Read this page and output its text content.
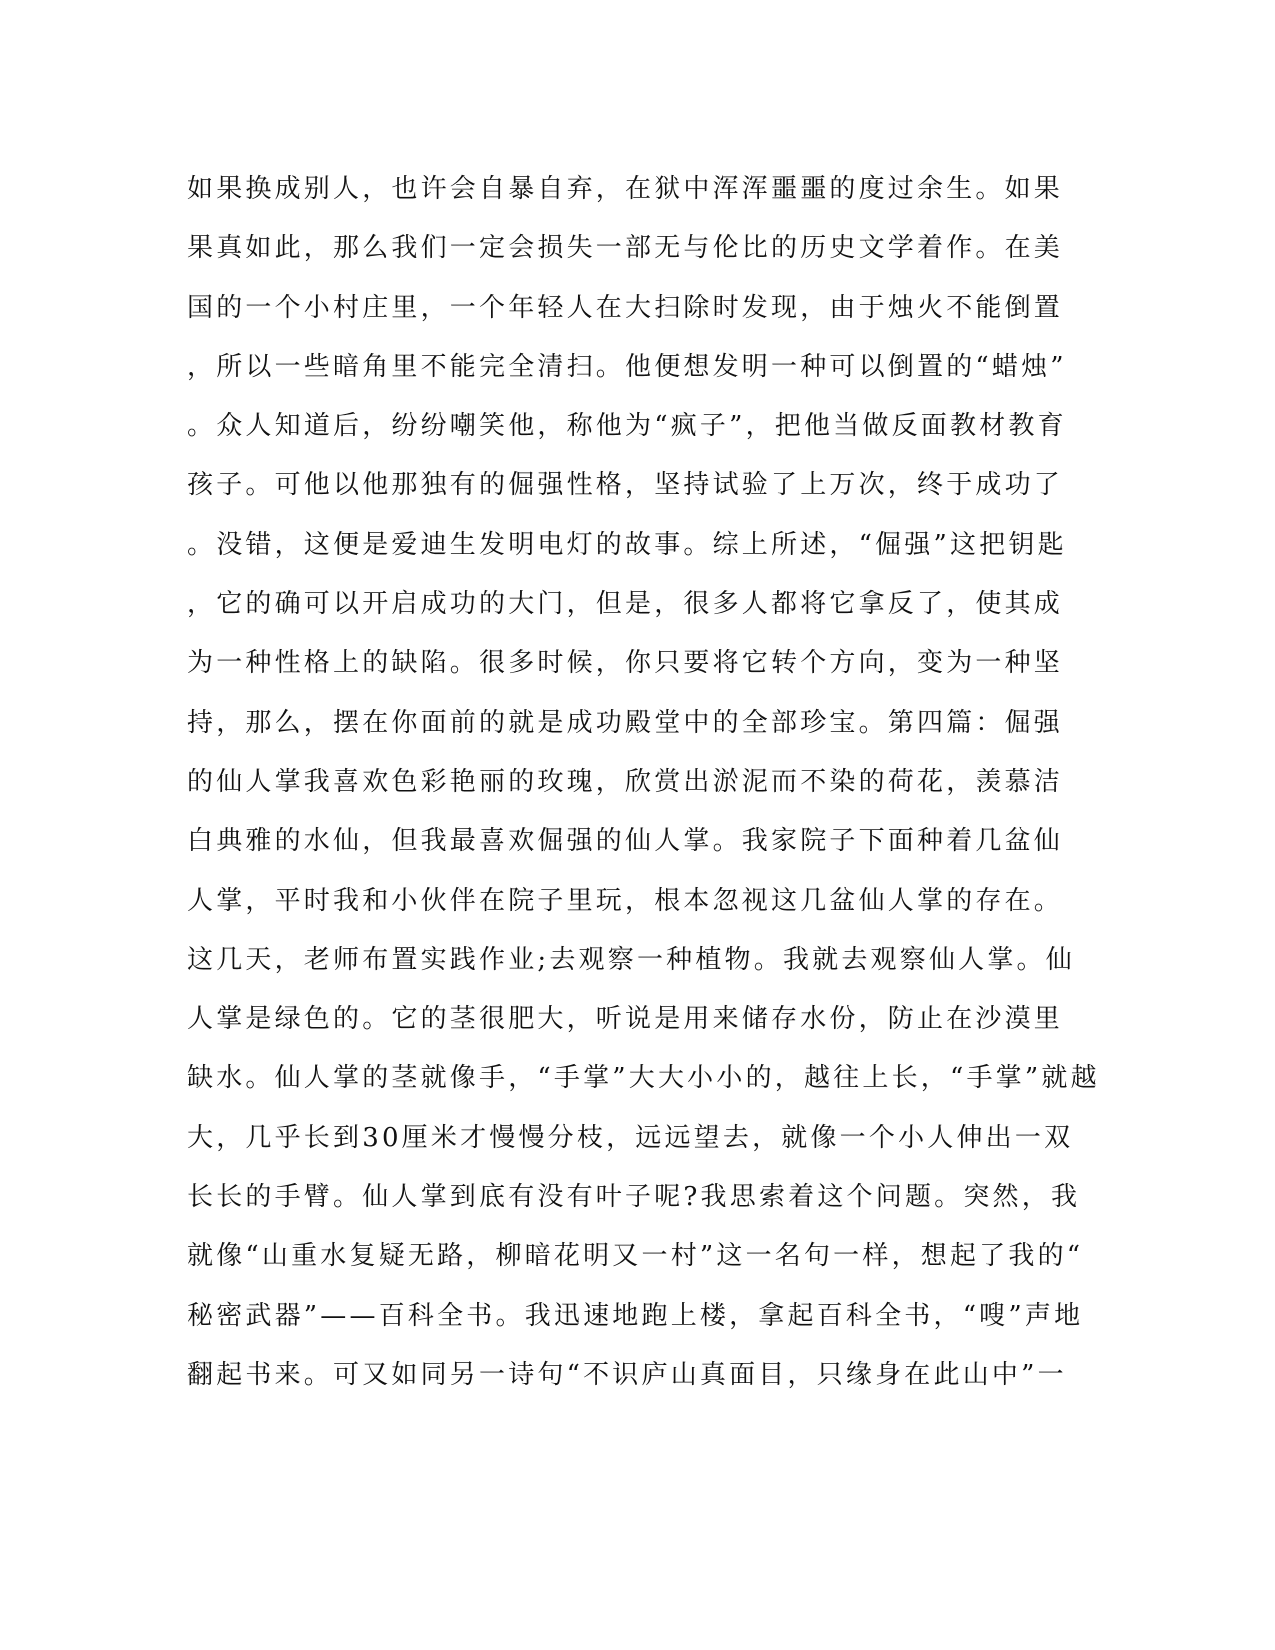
如果换成别人，也许会自暴自弃，在狱中浑浑噩噩的度过余生。如果
果真如此，那么我们一定会损失一部无与伦比的历史文学着作。在美
国的一个小村庄里，一个年轻人在大扫除时发现，由于烛火不能倒置
，所以一些暗角里不能完全清扫。他便想发明一种可以倒置的“蜡烛”
。众人知道后，纷纷嘲笑他，称他为“疯子”，把他当做反面教材教育
孩子。可他以他那独有的倔强性格，坚持试验了上万次，终于成功了
。没错，这便是爱迪生发明电灯的故事。综上所述，“倔强”这把钥匙
，它的确可以开启成功的大门，但是，很多人都将它拿反了，使其成
为一种性格上的缺陷。很多时候，你只要将它转个方向，变为一种坚
持，那么，摆在你面前的就是成功殿堂中的全部珍宝。第四篇：倔强
的仙人掌我喜欢色彩艳丽的玫瑰，欣赏出淤泥而不染的荷花，羡慕洁
白典雅的水仙，但我最喜欢倔强的仙人掌。我家院子下面种着几盆仙
人掌，平时我和小伙伴在院子里玩，根本忽视这几盆仙人掌的存在。
这几天，老师布置实践作业;去观察一种植物。我就去观察仙人掌。仙
人掌是绿色的。它的茎很肥大，听说是用来储存水份，防止在沙漠里
缺水。仙人掌的茎就像手，“手掌”大大小小的，越往上长，“手掌”就越
大，几乎长到30厘米才慢慢分枝，远远望去，就像一个小人伸出一双
长长的手臂。仙人掌到底有没有叶子呢?我思索着这个问题。突然，我
就像“山重水复疑无路，柳暗花明又一村”这一名句一样，想起了我的“
秘密武器”——百科全书。我迅速地跑上楼，拿起百科全书，“嗖”声地
翻起书来。可又如同另一诗句“不识庐山真面目，只缘身在此山中”一
